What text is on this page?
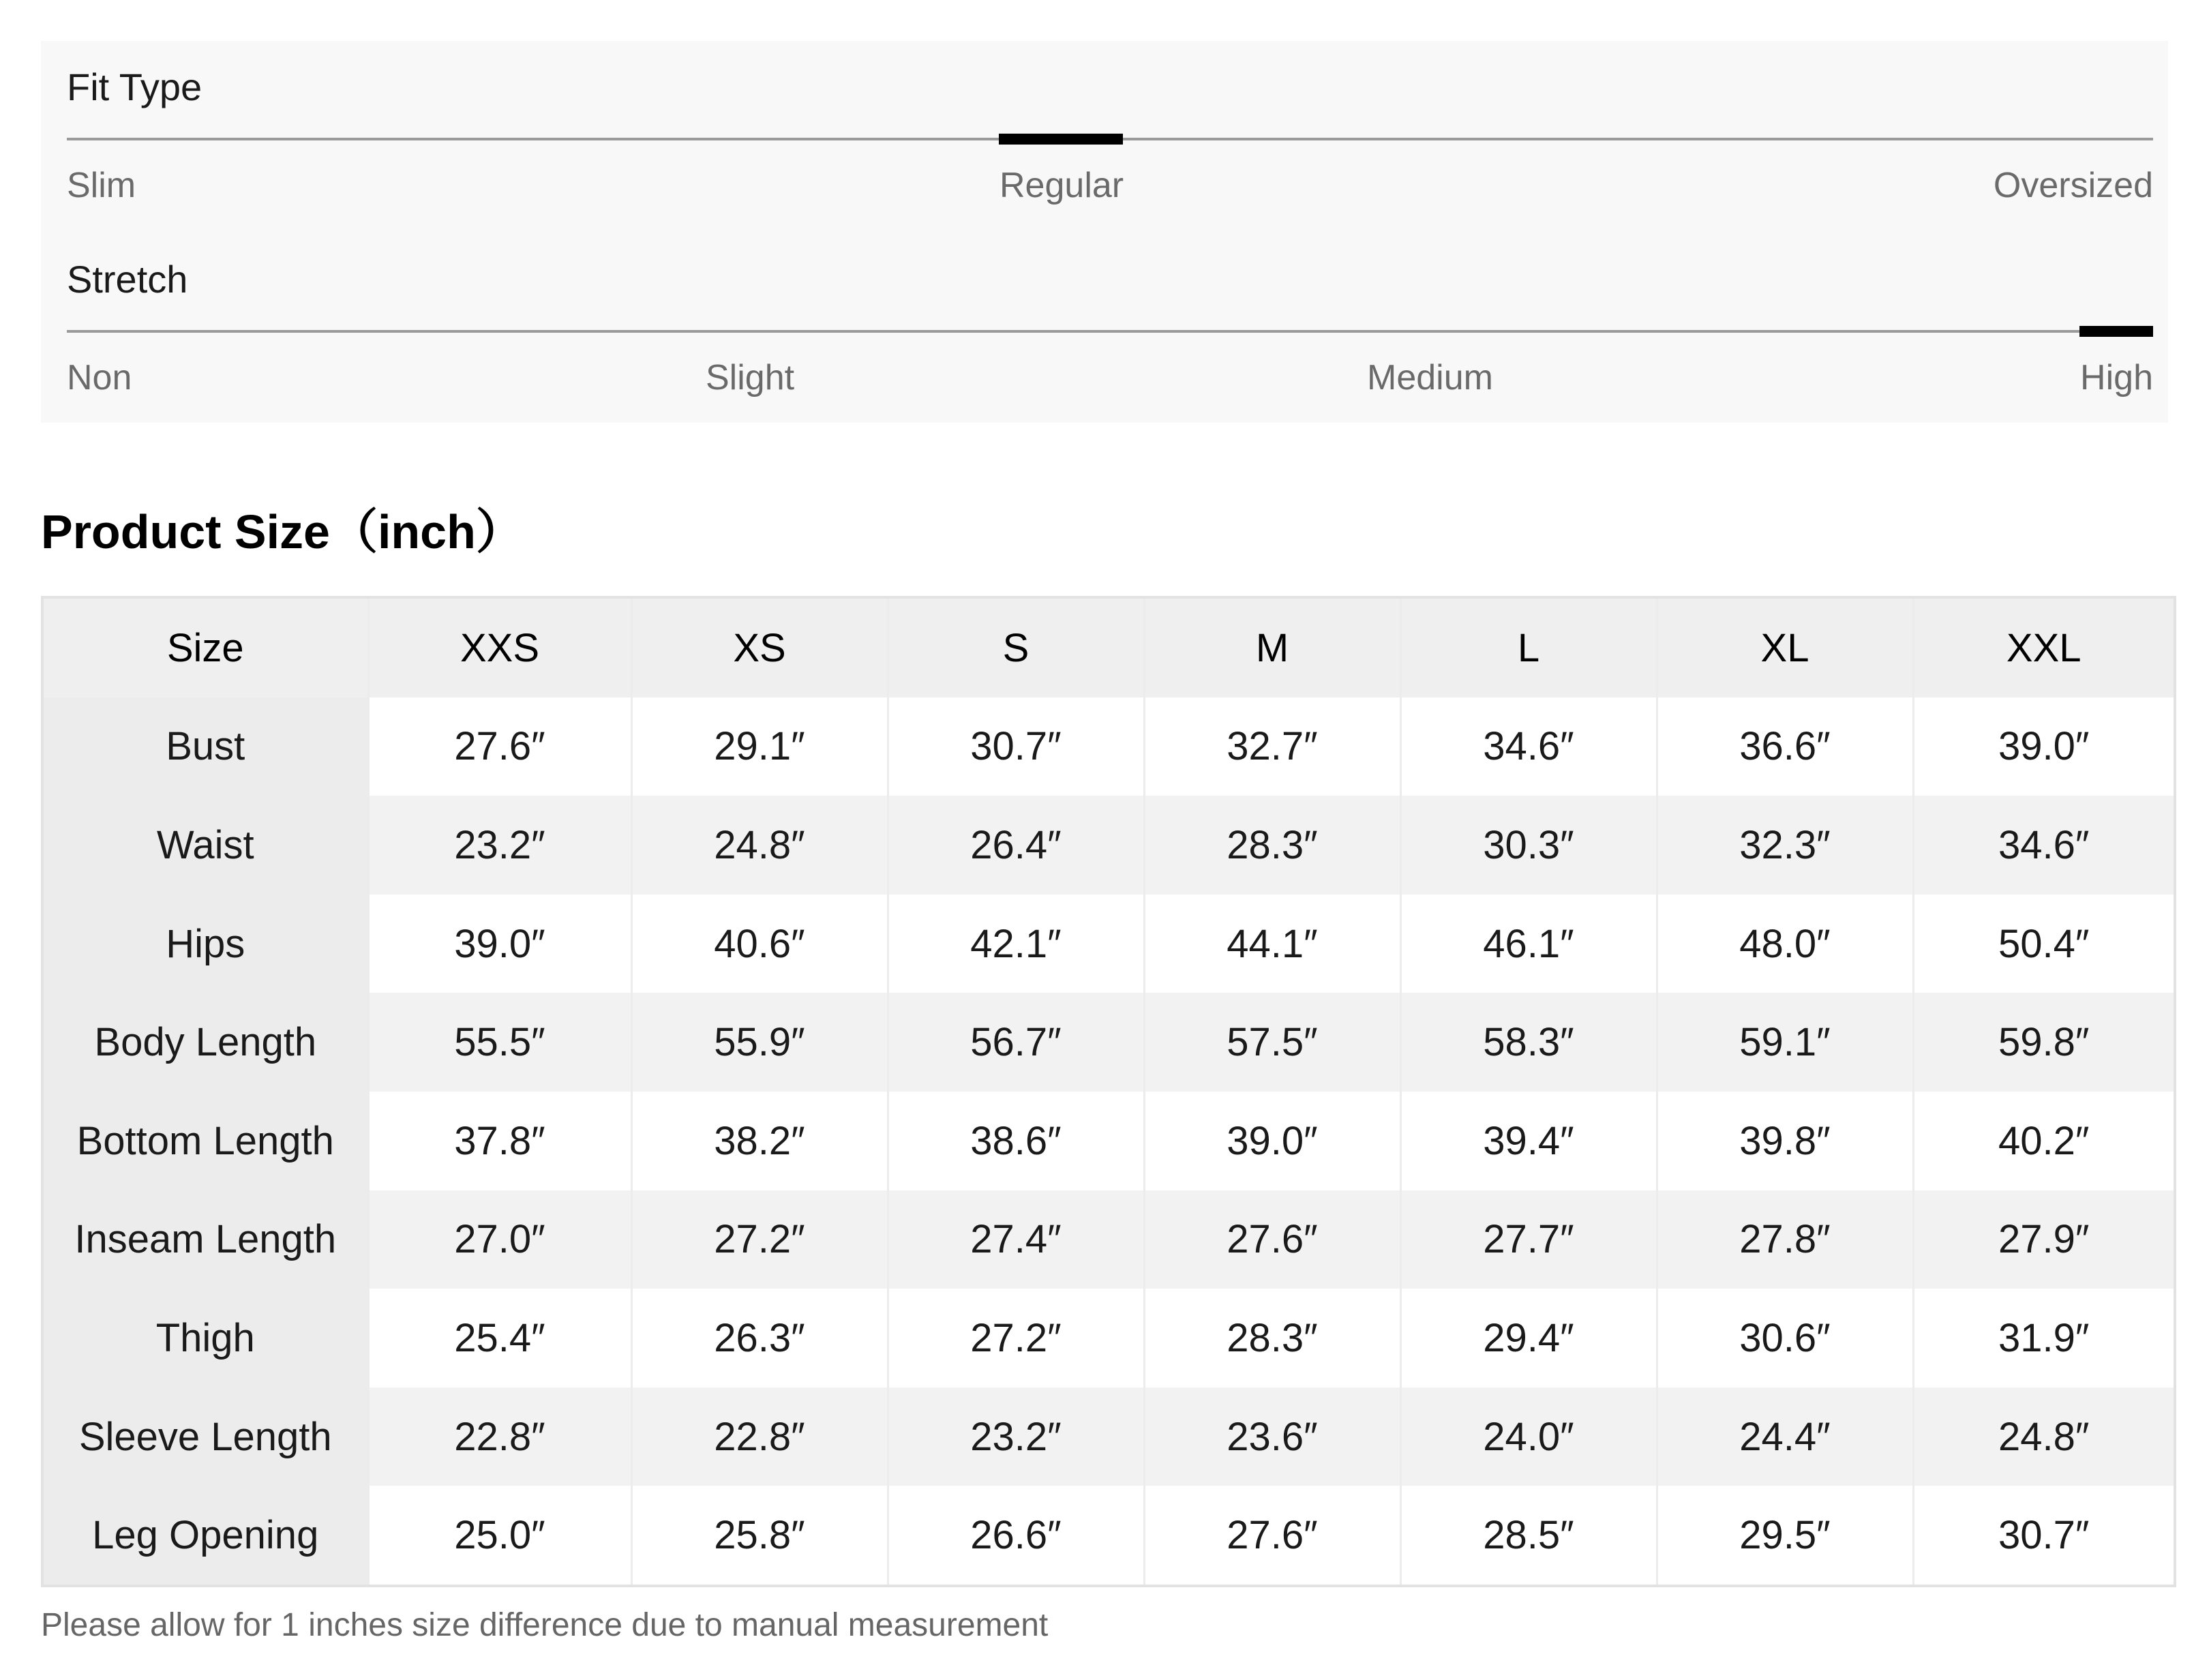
Fit Type
Slim	Regular	Oversized
Stretch
Non	Slight	Medium	High
Product Size（inch）
Size	XXS	XS	S	M	L	XL	XXL
Bust	27.6″	29.1″	30.7″	32.7″	34.6″	36.6″	39.0″
Waist	23.2″	24.8″	26.4″	28.3″	30.3″	32.3″	34.6″
Hips	39.0″	40.6″	42.1″	44.1″	46.1″	48.0″	50.4″
Body Length	55.5″	55.9″	56.7″	57.5″	58.3″	59.1″	59.8″
Bottom Length	37.8″	38.2″	38.6″	39.0″	39.4″	39.8″	40.2″
Inseam Length	27.0″	27.2″	27.4″	27.6″	27.7″	27.8″	27.9″
Thigh	25.4″	26.3″	27.2″	28.3″	29.4″	30.6″	31.9″
Sleeve Length	22.8″	22.8″	23.2″	23.6″	24.0″	24.4″	24.8″
Leg Opening	25.0″	25.8″	26.6″	27.6″	28.5″	29.5″	30.7″
Please allow for 1 inches size difference due to manual measurement
